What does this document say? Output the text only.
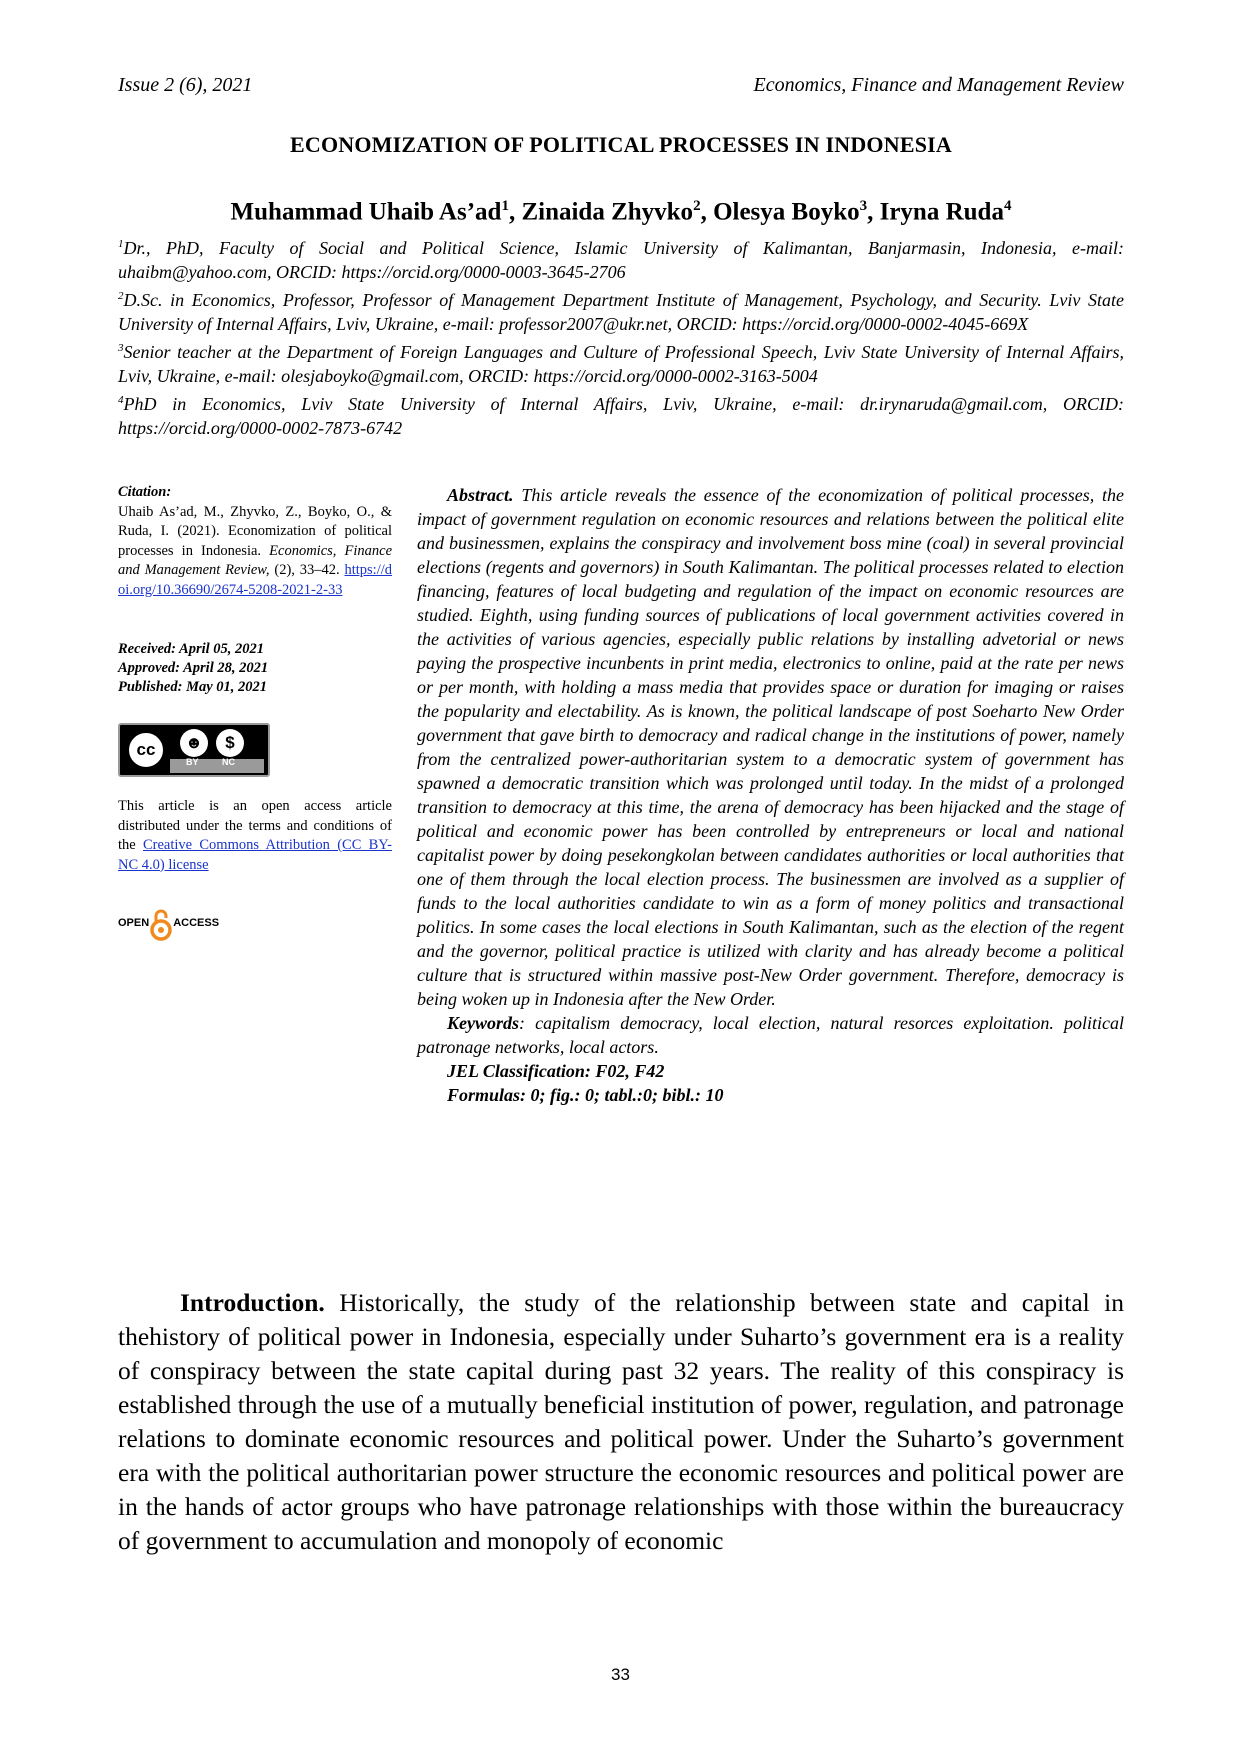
Issue 2 (6), 2021	Economics, Finance and Management Review
ECONOMIZATION OF POLITICAL PROCESSES IN INDONESIA
Muhammad Uhaib $As’ad^1$, Zinaida Zhyvko$^2$, Olesya Boyko$^3$, Iryna Ruda$^4$

$^1$Dr., PhD, Faculty of Social and Political Science, Islamic University of Kalimantan, Banjarmasin, Indonesia, e-mail: uhaibm@yahoo.com, ORCID: https://orcid.org/0000-0003-3645-2706

$^2$D.Sc. in Economics, Professor, Professor of Management Department Institute of Management, Psychology, and Security. Lviv State University of Internal Affairs, Lviv, Ukraine, e-mail: professor2007@ukr.net, ORCID: https://orcid.org/0000-0002-4045-669X

$^3$Senior teacher at the Department of Foreign Languages and Culture of Professional Speech, Lviv State University of Internal Affairs, Lviv, Ukraine, e-mail: olesjaboyko@gmail.com, ORCID: https://orcid.org/0000-0002-3163-5004

$^4$PhD in Economics, Lviv State University of Internal Affairs, Lviv, Ukraine, e-mail: dr.irynaruda@gmail.com, ORCID: https://orcid.org/0000-0002-7873-6742

Citation:
Uhaib As’ad, M., Zhyvko, Z., Boyko, O., & Ruda, I. (2021). Economization of political processes in Indonesia. Economics, Finance and Management Review, (2), 33–42. https://doi.org/10.36690/2674-5208-2021-2-33
Received: April 05, 2021
Approved: April 28, 2021
Published: May 01, 2021
cc	☻	$
BY	NC
This article is an open access article distributed under the terms and conditions of the Creative Commons Attribution (CC BY-NC 4.0) license
OPEN ACCESS

Abstract. This article reveals the essence of the economization of political processes, the impact of government regulation on economic resources and relations between the political elite and businessmen, explains the conspiracy and involvement boss mine (coal) in several provincial elections (regents and governors) in South Kalimantan. The political processes related to election financing, features of local budgeting and regulation of the impact on economic resources are studied. Eighth, using funding sources of publications of local government activities covered in the activities of various agencies, especially public relations by installing advetorial or news paying the prospective incunbents in print media, electronics to online, paid at the rate per news or per month, with holding a mass media that provides space or duration for imaging or raises the popularity and electability. As is known, the political landscape of post Soeharto New Order government that gave birth to democracy and radical change in the institutions of power, namely from the centralized power-authoritarian system to a democratic system of government has spawned a democratic transition which was prolonged until today. In the midst of a prolonged transition to democracy at this time, the arena of democracy has been hijacked and the stage of political and economic power has been controlled by entrepreneurs or local and national capitalist power by doing pesekongkolan between candidates authorities or local authorities that one of them through the local election process. The businessmen are involved as a supplier of funds to the local authorities candidate to win as a form of money politics and transactional politics. In some cases the local elections in South Kalimantan, such as the election of the regent and the governor, political practice is utilized with clarity and has already become a political culture that is structured within massive post-New Order government. Therefore, democracy is being woken up in Indonesia after the New Order.

Keywords: capitalism democracy, local election, natural resorces exploitation. political patronage networks, local actors.

JEL Classification: F02, F42

Formulas: 0; fig.: 0; tabl.:0; bibl.: 10

Introduction. Historically, the study of the relationship between state and capital in thehistory of political power in Indonesia, especially under Suharto’s government era is a reality of conspiracy between the state capital during past 32 years. The reality of this conspiracy is established through the use of a mutually beneficial institution of power, regulation, and patronage relations to dominate economic resources and political power. Under the Suharto’s government era with the political authoritarian power structure the economic resources and political power are in the hands of actor groups who have patronage relationships with those within the bureaucracy of government to accumulation and monopoly of economic

33
